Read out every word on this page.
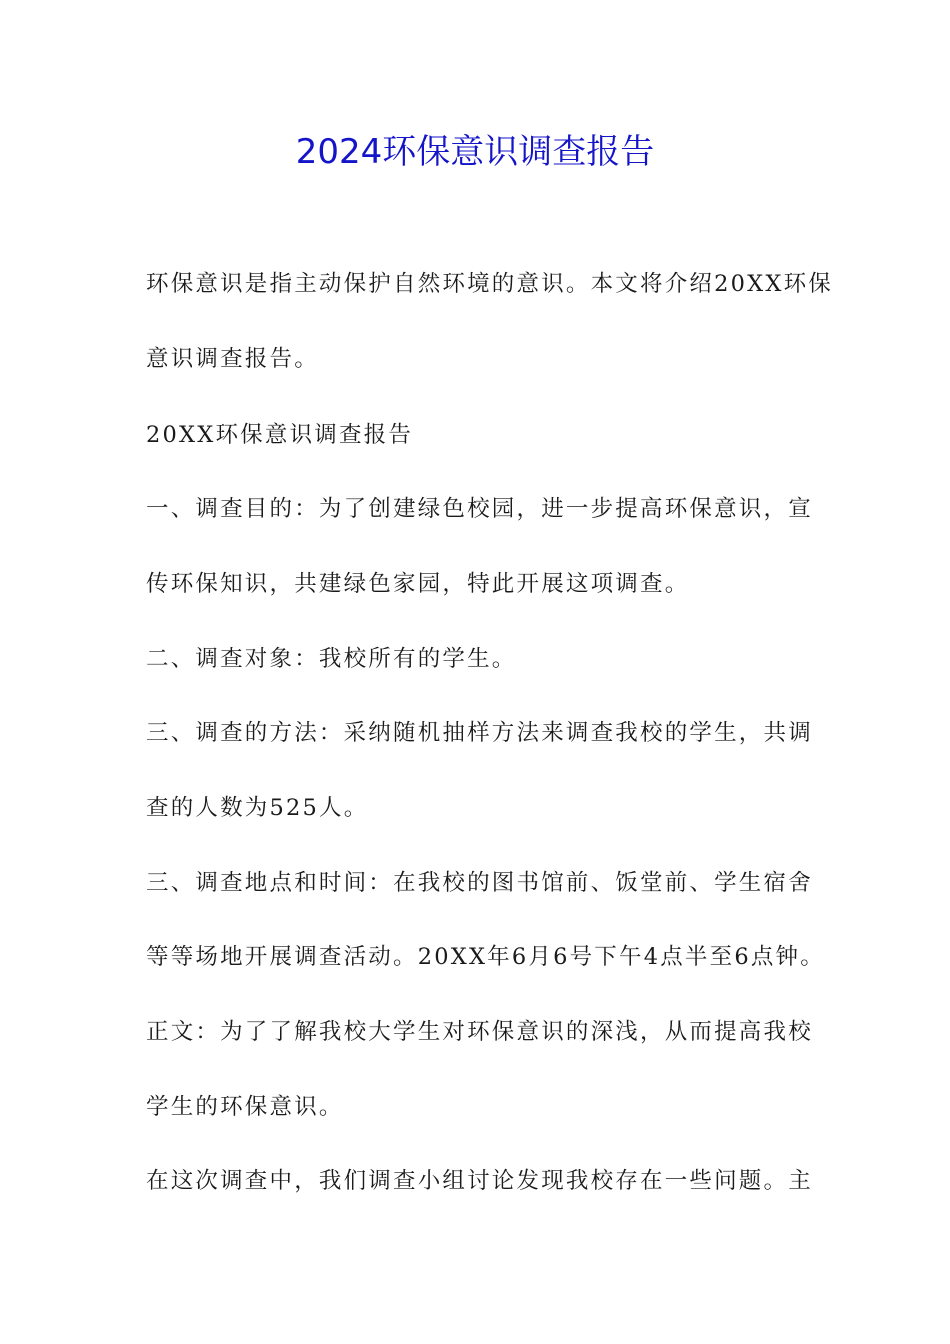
2024环保意识调查报告
环保意识是指主动保护自然环境的意识。本文将介绍20XX环保
意识调查报告。
20XX环保意识调查报告
一、调查目的：为了创建绿色校园，进一步提高环保意识，宣
传环保知识，共建绿色家园，特此开展这项调查。
二、调查对象：我校所有的学生。
三、调查的方法：采纳随机抽样方法来调查我校的学生，共调
查的人数为525人。
三、调查地点和时间：在我校的图书馆前、饭堂前、学生宿舍
等等场地开展调查活动。20XX年6月6号下午4点半至6点钟。
正文：为了了解我校大学生对环保意识的深浅，从而提高我校
学生的环保意识。
在这次调查中，我们调查小组讨论发现我校存在一些问题。主
